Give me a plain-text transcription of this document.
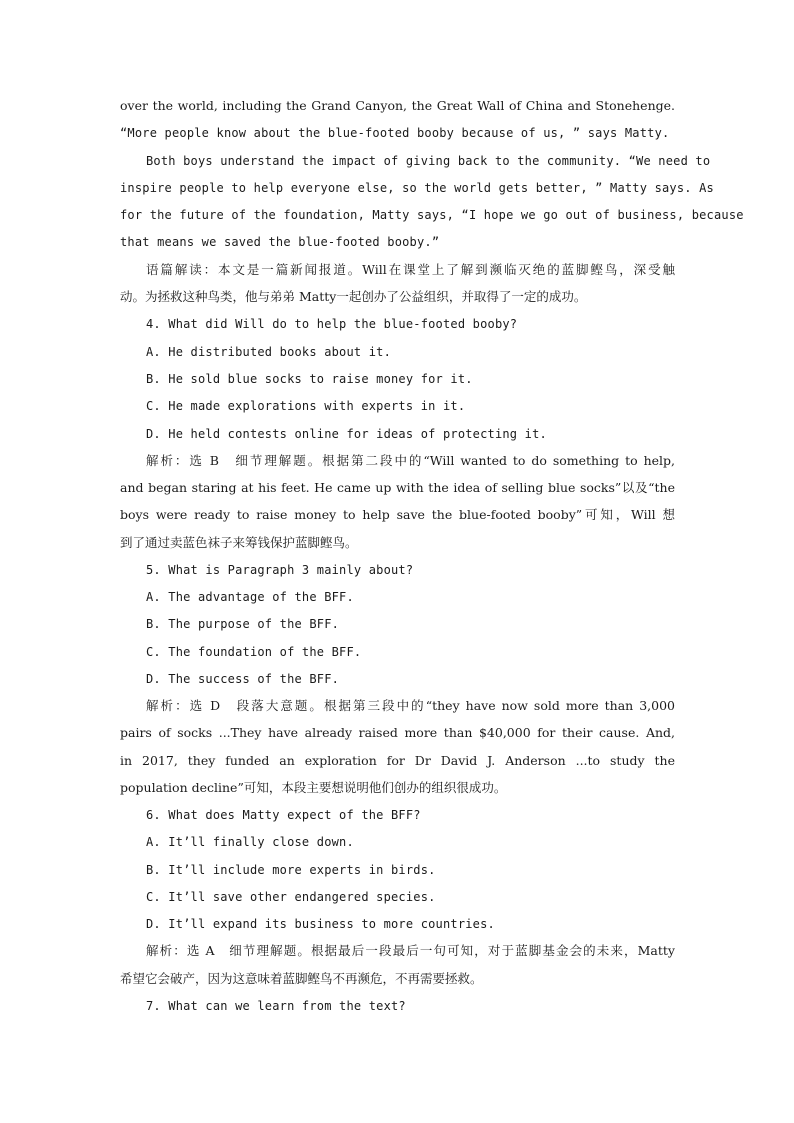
over the world, including the Grand Canyon, the Great Wall of China and Stonehenge.
“More people know about the blue-footed booby because of us, ” says Matty.
Both boys understand the impact of giving back to the community. “We need to
inspire people to help everyone else, so the world gets better, ” Matty says. As
for the future of the foundation, Matty says, “I hope we go out of business, because
that means we saved the blue-footed booby.”
语篇解读：本文是一篇新闻报道。Will在课堂上了解到濒临灭绝的蓝脚鲣鸟，深受触
动。为拯救这种鸟类，他与弟弟 Matty一起创办了公益组织，并取得了一定的成功。
4. What did Will do to help the blue-footed booby?
A. He distributed books about it.
B. He sold blue socks to raise money for it.
C. He made explorations with experts in it.
D. He held contests online for ideas of protecting it.
解析：选 B　细节理解题。根据第二段中的“Will wanted to do something to help,
and began staring at his feet. He came up with the idea of selling blue socks”以及“the
boys were ready to raise money to help save the blue-footed booby”可知，Will 想
到了通过卖蓝色袜子来筹钱保护蓝脚鲣鸟。
5. What is Paragraph 3 mainly about?
A. The advantage of the BFF.
B. The purpose of the BFF.
C. The foundation of the BFF.
D. The success of the BFF.
解析：选 D　段落大意题。根据第三段中的“they have now sold more than 3,000
pairs of socks ...They have already raised more than $40,000 for their cause. And,
in 2017, they funded an exploration for Dr David J. Anderson ...to study the
population decline”可知，本段主要想说明他们创办的组织很成功。
6. What does Matty expect of the BFF?
A. It’ll finally close down.
B. It’ll include more experts in birds.
C. It’ll save other endangered species.
D. It’ll expand its business to more countries.
解析：选 A　细节理解题。根据最后一段最后一句可知，对于蓝脚基金会的未来，Matty
希望它会破产，因为这意味着蓝脚鲣鸟不再濒危，不再需要拯救。
7. What can we learn from the text?
